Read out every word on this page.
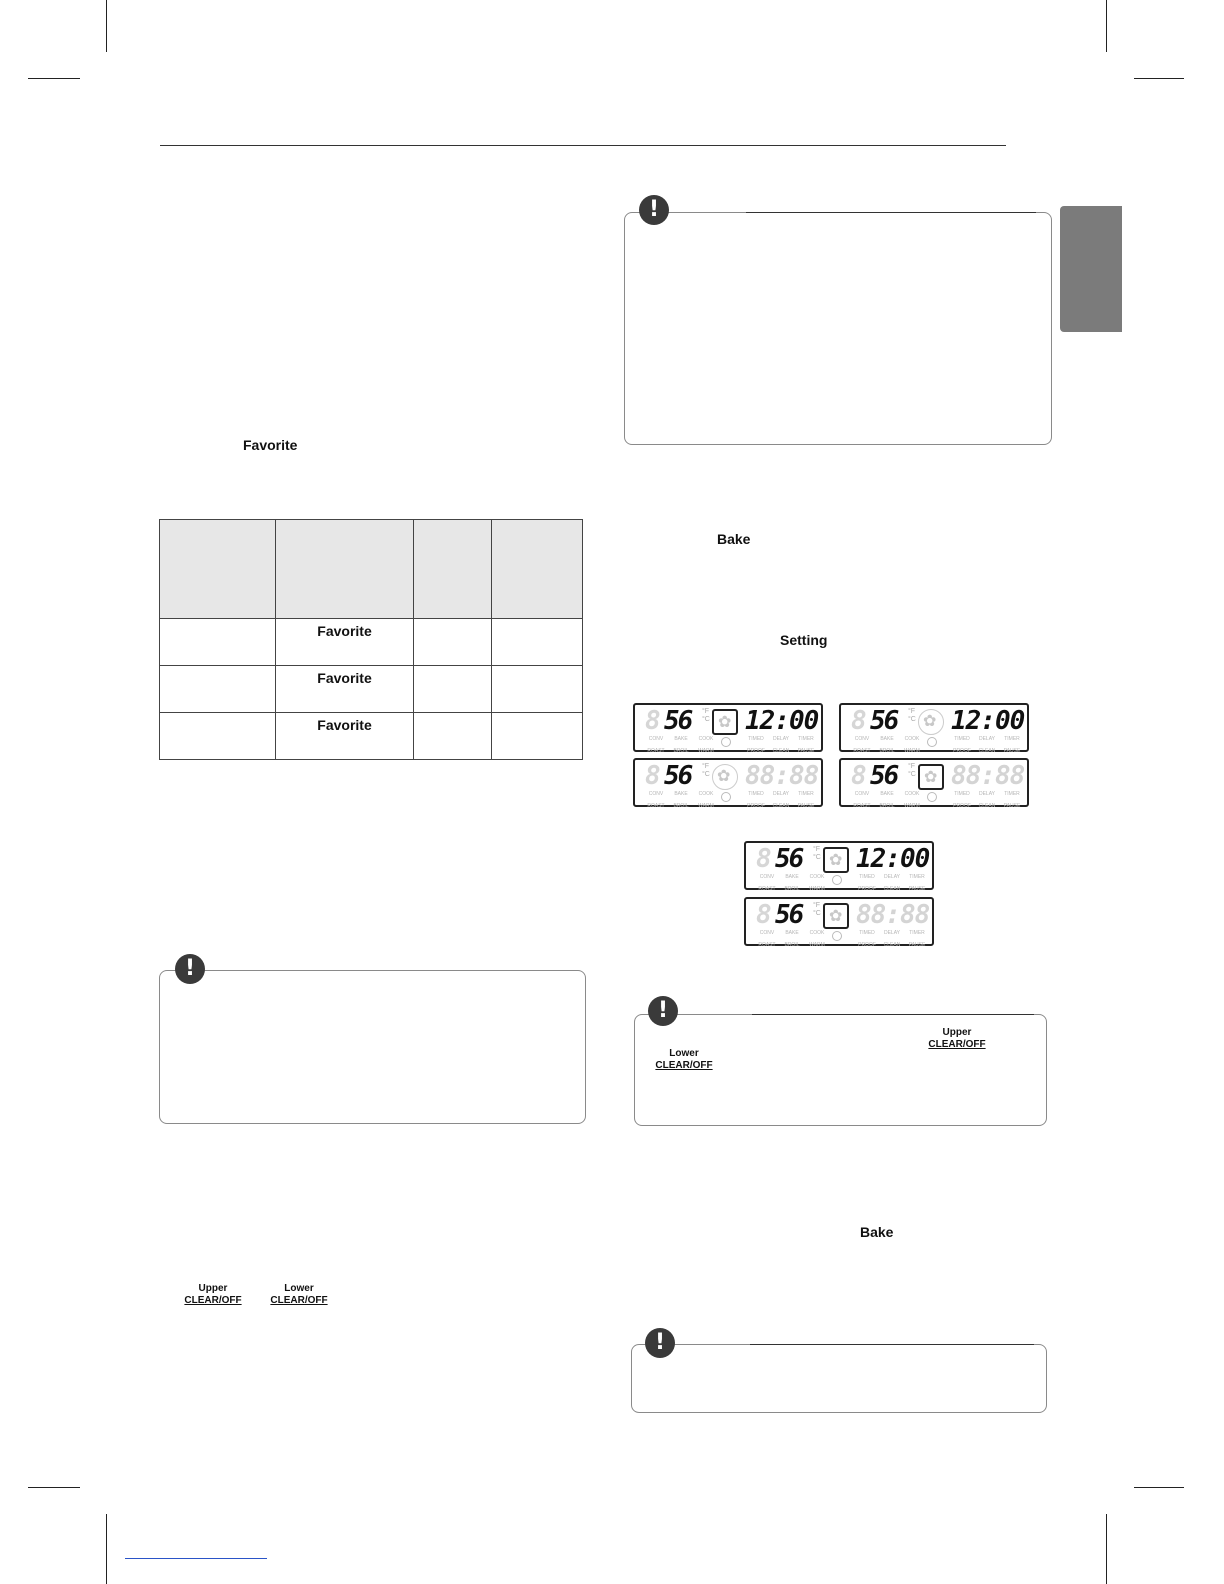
Favorite

	Favorite		
	Favorite		
	Favorite		
!
Upper
CLEAR/OFF
Lower
CLEAR/OFF
!
Bake
Setting
8 56 °F
°C ✿ 12:00
CONV

ROAST
BAKE

BROIL
COOK

WARM
TIMED

PROOF
DELAY

CLEAN
TIMER

PAUSE
8 56 °F
°C ✿ 88:88
CONV

ROAST
BAKE

BROIL
COOK

WARM
TIMED

PROOF
DELAY

CLEAN
TIMER

PAUSE
8 56 °F
°C ✿ 12:00
CONV

ROAST
BAKE

BROIL
COOK

WARM
TIMED

PROOF
DELAY

CLEAN
TIMER

PAUSE
8 56 °F
°C ✿ 88:88
CONV

ROAST
BAKE

BROIL
COOK

WARM
TIMED

PROOF
DELAY

CLEAN
TIMER

PAUSE
8 56 °F
°C ✿ 12:00
CONV

ROAST
BAKE

BROIL
COOK

WARM
TIMED

PROOF
DELAY

CLEAN
TIMER

PAUSE
8 56 °F
°C ✿ 88:88
CONV

ROAST
BAKE

BROIL
COOK

WARM
TIMED

PROOF
DELAY

CLEAN
TIMER

PAUSE
!
Upper
CLEAR/OFF
Lower
CLEAR/OFF
Bake
!
